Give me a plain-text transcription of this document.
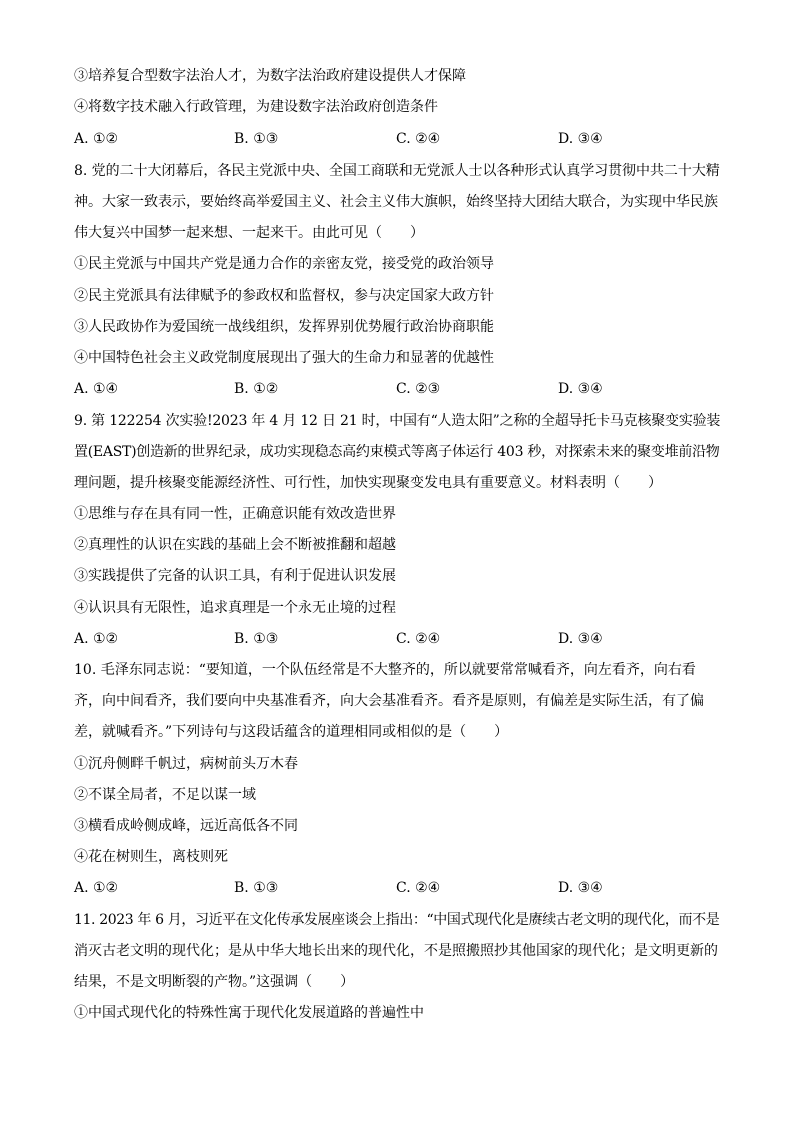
③培养复合型数字法治人才，为数字法治政府建设提供人才保障
④将数字技术融入行政管理，为建设数字法治政府创造条件
A. ①②	B. ①③	C. ②④	D. ③④
8. 党的二十大闭幕后，各民主党派中央、全国工商联和无党派人士以各种形式认真学习贯彻中共二十大精
神。大家一致表示，要始终高举爱国主义、社会主义伟大旗帜，始终坚持大团结大联合，为实现中华民族
伟大复兴中国梦一起来想、一起来干。由此可见（　　）
①民主党派与中国共产党是通力合作的亲密友党，接受党的政治领导
②民主党派具有法律赋予的参政权和监督权，参与决定国家大政方针
③人民政协作为爱国统一战线组织，发挥界别优势履行政治协商职能
④中国特色社会主义政党制度展现出了强大的生命力和显著的优越性
A. ①④	B. ①②	C. ②③	D. ③④
9. 第 122254 次实验!2023 年 4 月 12 日 21 时，中国有“人造太阳”之称的全超导托卡马克核聚变实验装
置(EAST)创造新的世界纪录，成功实现稳态高约束模式等离子体运行 403 秒，对探索未来的聚变堆前沿物
理问题，提升核聚变能源经济性、可行性，加快实现聚变发电具有重要意义。材料表明（　　）
①思维与存在具有同一性，正确意识能有效改造世界
②真理性的认识在实践的基础上会不断被推翻和超越
③实践提供了完备的认识工具，有利于促进认识发展
④认识具有无限性，追求真理是一个永无止境的过程
A. ①②	B. ①③	C. ②④	D. ③④
10. 毛泽东同志说：“要知道，一个队伍经常是不大整齐的，所以就要常常喊看齐，向左看齐，向右看
齐，向中间看齐，我们要向中央基准看齐，向大会基准看齐。看齐是原则，有偏差是实际生活，有了偏
差，就喊看齐。”下列诗句与这段话蕴含的道理相同或相似的是（　　）
①沉舟侧畔千帆过，病树前头万木春
②不谋全局者，不足以谋一域
③横看成岭侧成峰，远近高低各不同
④花在树则生，离枝则死
A. ①②	B. ①③	C. ②④	D. ③④
11. 2023 年 6 月，习近平在文化传承发展座谈会上指出：“中国式现代化是赓续古老文明的现代化，而不是
消灭古老文明的现代化；是从中华大地长出来的现代化，不是照搬照抄其他国家的现代化；是文明更新的
结果，不是文明断裂的产物。”这强调（　　）
①中国式现代化的特殊性寓于现代化发展道路的普遍性中
